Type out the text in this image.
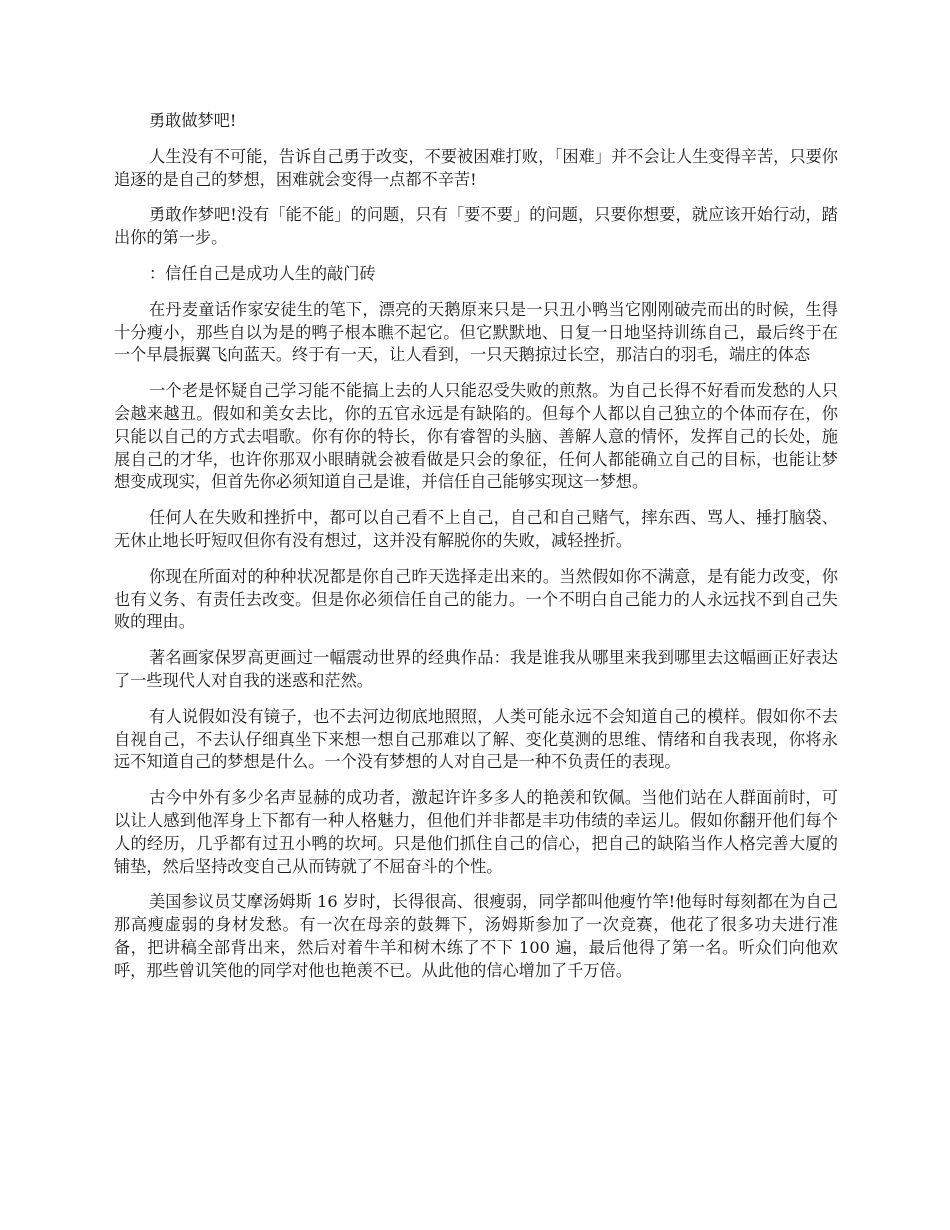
勇敢做梦吧!

人生没有不可能，告诉自己勇于改变，不要被困难打败，「困难」并不会让人生变得辛苦，只要你追逐的是自己的梦想，困难就会变得一点都不辛苦!

勇敢作梦吧!没有「能不能」的问题，只有「要不要」的问题，只要你想要，就应该开始行动，踏出你的第一步。

：信任自己是成功人生的敲门砖

在丹麦童话作家安徒生的笔下，漂亮的天鹅原来只是一只丑小鸭当它刚刚破壳而出的时候，生得十分瘦小，那些自以为是的鸭子根本瞧不起它。但它默默地、日复一日地坚持训练自己，最后终于在一个早晨振翼飞向蓝天。终于有一天，让人看到，一只天鹅掠过长空，那洁白的羽毛，端庄的体态

一个老是怀疑自己学习能不能搞上去的人只能忍受失败的煎熬。为自己长得不好看而发愁的人只会越来越丑。假如和美女去比，你的五官永远是有缺陷的。但每个人都以自己独立的个体而存在，你只能以自己的方式去唱歌。你有你的特长，你有睿智的头脑、善解人意的情怀，发挥自己的长处，施展自己的才华，也许你那双小眼睛就会被看做是只会的象征，任何人都能确立自己的目标，也能让梦想变成现实，但首先你必须知道自己是谁，并信任自己能够实现这一梦想。

任何人在失败和挫折中，都可以自己看不上自己，自己和自己赌气，摔东西、骂人、捶打脑袋、无休止地长吁短叹但你有没有想过，这并没有解脱你的失败，减轻挫折。

你现在所面对的种种状况都是你自己昨天选择走出来的。当然假如你不满意，是有能力改变，你也有义务、有责任去改变。但是你必须信任自己的能力。一个不明白自己能力的人永远找不到自己失败的理由。

著名画家保罗高更画过一幅震动世界的经典作品：我是谁我从哪里来我到哪里去这幅画正好表达了一些现代人对自我的迷惑和茫然。

有人说假如没有镜子，也不去河边彻底地照照，人类可能永远不会知道自己的模样。假如你不去自视自己，不去认仔细真坐下来想一想自己那难以了解、变化莫测的思维、情绪和自我表现，你将永远不知道自己的梦想是什么。一个没有梦想的人对自己是一种不负责任的表现。

古今中外有多少名声显赫的成功者，激起许许多多人的艳羡和钦佩。当他们站在人群面前时，可以让人感到他浑身上下都有一种人格魅力，但他们并非都是丰功伟绩的幸运儿。假如你翻开他们每个人的经历，几乎都有过丑小鸭的坎坷。只是他们抓住自己的信心，把自己的缺陷当作人格完善大厦的铺垫，然后坚持改变自己从而铸就了不屈奋斗的个性。

美国参议员艾摩汤姆斯 16 岁时，长得很高、很瘦弱，同学都叫他瘦竹竿!他每时每刻都在为自己那高瘦虚弱的身材发愁。有一次在母亲的鼓舞下，汤姆斯参加了一次竞赛，他花了很多功夫进行准备，把讲稿全部背出来，然后对着牛羊和树木练了不下 100 遍，最后他得了第一名。听众们向他欢呼，那些曾讥笑他的同学对他也艳羡不已。从此他的信心增加了千万倍。
